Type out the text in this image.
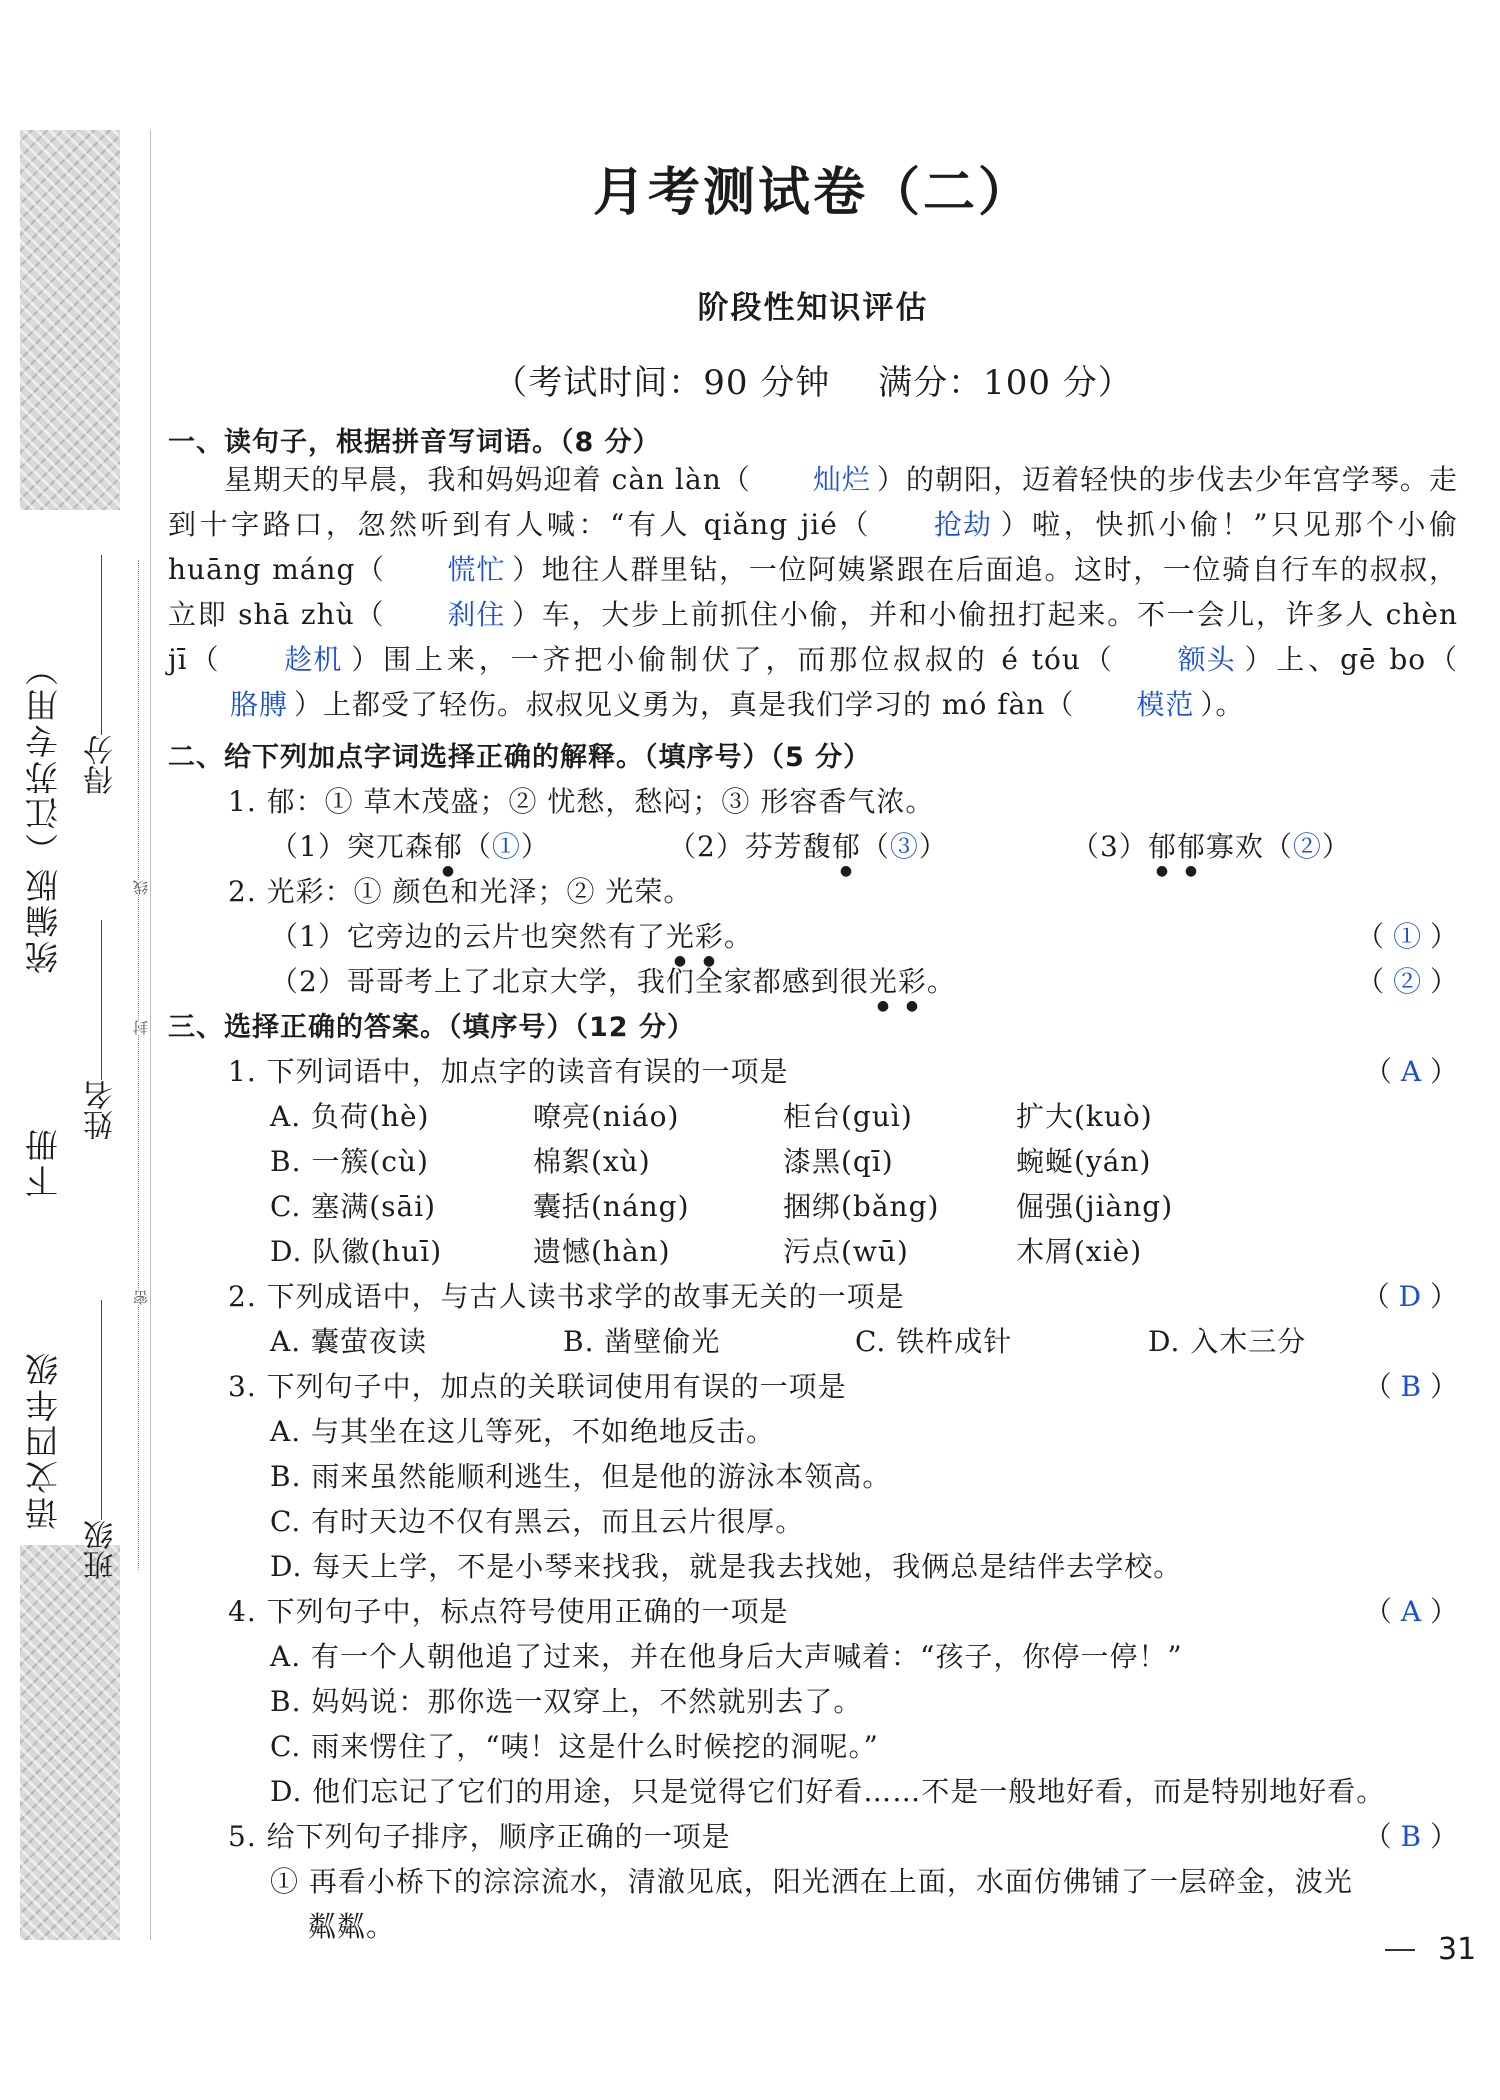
语文四年级
下册
统编版（江苏专用）
班级
姓名
得分
密
封
线
月考测试卷（二）
阶段性知识评估
（考试时间：90 分钟 满分：100 分）
一、读句子，根据拼音写词语。（8 分）

星期天的早晨，我和妈妈迎着 càn làn（ 灿烂 ）的朝阳，迈着轻快的步伐去少年宫学琴。走到十字路口，忽然听到有人喊：“有人 qiǎng jié（ 抢劫 ）啦，快抓小偷！”只见那个小偷 huāng máng（ 慌忙 ）地往人群里钻，一位阿姨紧跟在后面追。这时，一位骑自行车的叔叔，立即 shā zhù（ 刹住 ）车，大步上前抓住小偷，并和小偷扭打起来。不一会儿，许多人 chèn jī（ 趁机 ）围上来，一齐把小偷制伏了，而那位叔叔的 é tóu（ 额头 ）上、gē bo（胳膊 ）上都受了轻伤。叔叔见义勇为，真是我们学习的 mó fàn（ 模范 ）。

二、给下列加点字词选择正确的解释。（填序号）（5 分）
1. 郁：① 草木茂盛；② 忧愁，愁闷；③ 形容香气浓。
（1）突兀森郁（①）	（2）芬芳馥郁（③）	（3）郁郁寡欢（②）
2. 光彩：① 颜色和光泽；② 光荣。
（1）它旁边的云片也突然有了光彩。	（ ① ）
（2）哥哥考上了北京大学，我们全家都感到很光彩。	（ ② ）
三、选择正确的答案。（填序号）（12 分）
1. 下列词语中，加点字的读音有误的一项是	（ A ）
A. 负荷(hè)	嘹亮(niáo)	柜台(guì)	扩大(kuò)
B. 一簇(cù)	棉絮(xù)	漆黑(qī)	蜿蜒(yán)
C. 塞满(sāi)	囊括(náng)	捆绑(bǎng)	倔强(jiàng)
D. 队徽(huī)	遗憾(hàn)	污点(wū)	木屑(xiè)
2. 下列成语中，与古人读书求学的故事无关的一项是	（ D ）
A. 囊萤夜读	B. 凿壁偷光	C. 铁杵成针	D. 入木三分
3. 下列句子中，加点的关联词使用有误的一项是	（ B ）
A. 与其坐在这儿等死，不如绝地反击。
B. 雨来虽然能顺利逃生，但是他的游泳本领高。
C. 有时天边不仅有黑云，而且云片很厚。
D. 每天上学，不是小琴来找我，就是我去找她，我俩总是结伴去学校。
4. 下列句子中，标点符号使用正确的一项是	（ A ）
A. 有一个人朝他追了过来，并在他身后大声喊着：“孩子，你停一停！”
B. 妈妈说：那你选一双穿上，不然就别去了。
C. 雨来愣住了，“咦！这是什么时候挖的洞呢。”
D. 他们忘记了它们的用途，只是觉得它们好看……不是一般地好看，而是特别地好看。
5. 给下列句子排序，顺序正确的一项是	（ B ）
① 再看小桥下的淙淙流水，清澈见底，阳光洒在上面，水面仿佛铺了一层碎金，波光
粼粼。
31
